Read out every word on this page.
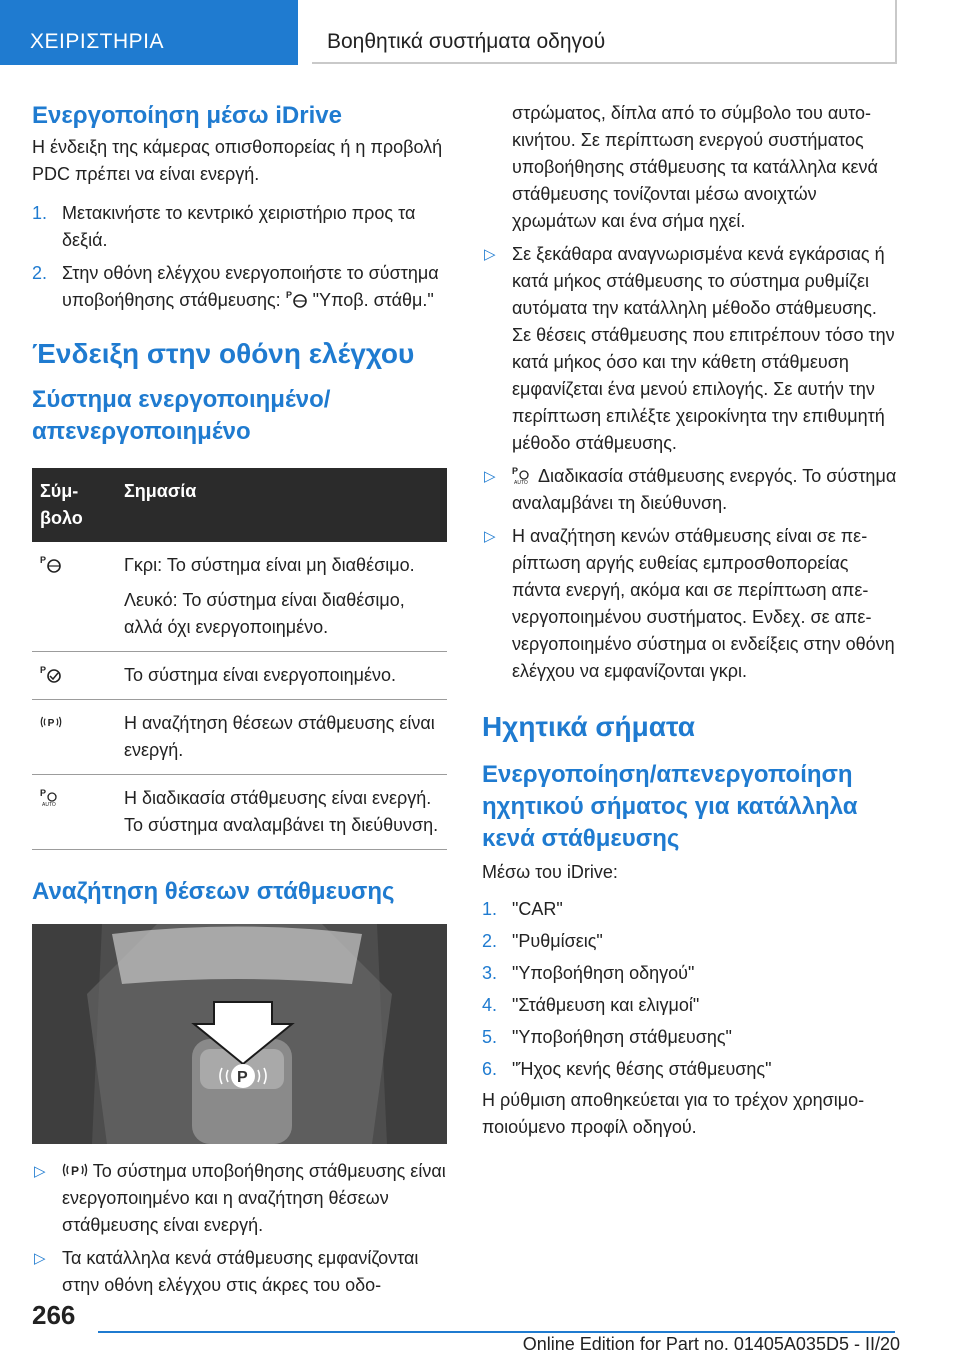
ΧΕΙΡΙΣΤΗΡΙΑ	Βοηθητικά συστήματα οδηγού
Ενεργοποίηση μέσω iDrive

Η ένδειξη της κάμερας οπισθοπορείας ή η προβολή PDC πρέπει να είναι ενεργή.

1. Μετακινήστε το κεντρικό χειριστήριο προς τα δεξιά.
2. Στην οθόνη ελέγχου ενεργοποιήστε το σύστημα υποβοήθησης στάθμευσης: P "Υποβ. στάθμ."
Ένδειξη στην οθόνη ελέγχου
Σύστημα ενεργοποιημένο/ απενεργοποιημένο
Σύμβολο	Σημασία

P	Γκρι: Το σύστημα είναι μη διαθέσιμο.

Λευκό: Το σύστημα είναι διαθέσιμο, αλλά όχι ενεργοποιημένο.

P	Το σύστημα είναι ενεργοποιημένο.

P	Η αναζήτηση θέσεων στάθμευσης είναι ενεργή.

P
AUTO	Η διαδικασία στάθμευσης είναι ενεργή. Το σύστημα αναλαμβάνει τη διεύθυνση.
Αναζήτηση θέσεων στάθμευσης
P
▷ P Το σύστημα υποβοήθησης στάθμευσης είναι ενεργοποιημένο και η αναζήτηση θέσεων στάθμευσης είναι ενεργή.
▷ Τα κατάλληλα κενά στάθμευσης εμφανίζονται στην οθόνη ελέγχου στις άκρες του οδο-

στρώματος, δίπλα από το σύμβολο του αυτοκινήτου. Σε περίπτωση ενεργού συστήματος υποβοήθησης στάθμευσης τα κατάλληλα κενά στάθμευσης τονίζονται μέσω ανοιχτών χρωμάτων και ένα σήμα ηχεί.

▷ Σε ξεκάθαρα αναγνωρισμένα κενά εγκάρσιας ή κατά μήκος στάθμευσης το σύστημα ρυθμίζει αυτόματα την κατάλληλη μέθοδο στάθμευσης. Σε θέσεις στάθμευσης που επιτρέπουν τόσο την κατά μήκος όσο και την κάθετη στάθμευση εμφανίζεται ένα μενού επιλογής. Σε αυτήν την περίπτωση επιλέξτε χειροκίνητα την επιθυμητή μέθοδο στάθμευσης.
▷ P
AUTO Διαδικασία στάθμευσης ενεργός. Το σύστημα αναλαμβάνει τη διεύθυνση.
▷ Η αναζήτηση κενών στάθμευσης είναι σε περίπτωση αργής ευθείας εμπροσθοπορείας πάντα ενεργή, ακόμα και σε περίπτωση απενεργοποιημένου συστήματος. Ενδεχ. σε απενεργοποιημένο σύστημα οι ενδείξεις στην οθόνη ελέγχου να εμφανίζονται γκρι.
Ηχητικά σήματα
Ενεργοποίηση/απενεργοποίηση ηχητικού σήματος για κατάλληλα κενά στάθμευσης

Μέσω του iDrive:

1. "CAR"
2. "Ρυθμίσεις"
3. "Υποβοήθηση οδηγού"
4. "Στάθμευση και ελιγμοί"
5. "Υποβοήθηση στάθμευσης"
6. "Ήχος κενής θέσης στάθμευσης"

Η ρύθμιση αποθηκεύεται για το τρέχον χρησιμοποιούμενο προφίλ οδηγού.

266
Online Edition for Part no. 01405A035D5 - II/20
